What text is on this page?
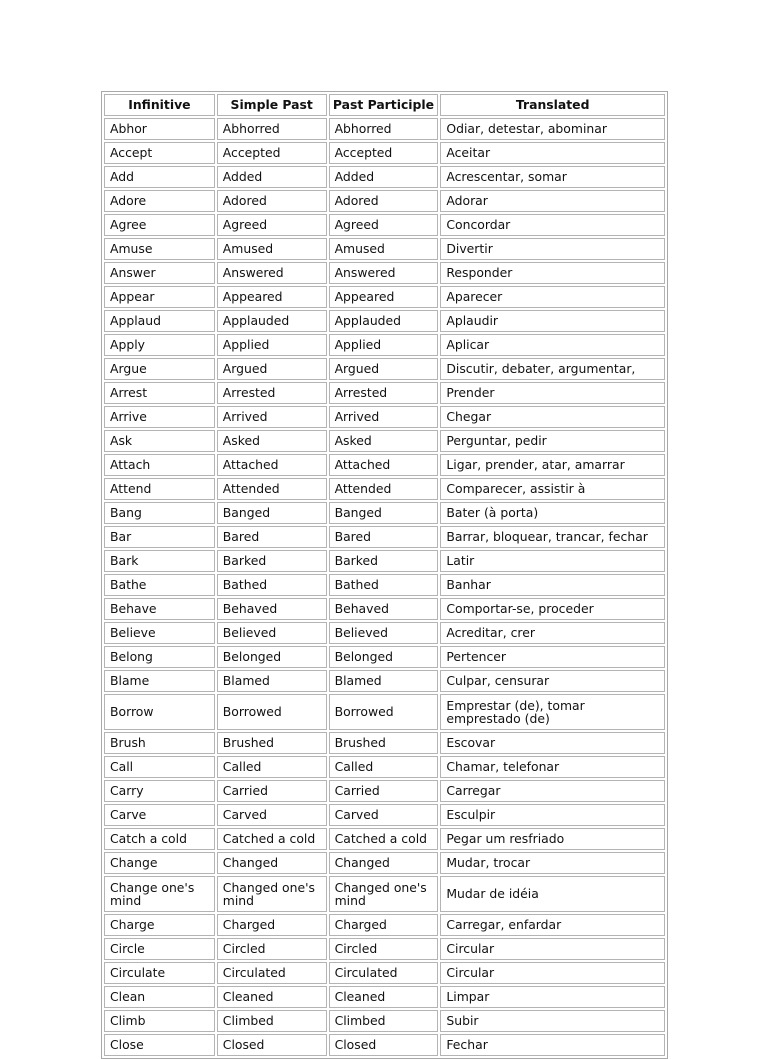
Infinitive	Simple Past	Past Participle	Translated
Abhor	Abhorred	Abhorred	Odiar, detestar, abominar
Accept	Accepted	Accepted	Aceitar
Add	Added	Added	Acrescentar, somar
Adore	Adored	Adored	Adorar
Agree	Agreed	Agreed	Concordar
Amuse	Amused	Amused	Divertir
Answer	Answered	Answered	Responder
Appear	Appeared	Appeared	Aparecer
Applaud	Applauded	Applauded	Aplaudir
Apply	Applied	Applied	Aplicar
Argue	Argued	Argued	Discutir, debater, argumentar,
Arrest	Arrested	Arrested	Prender
Arrive	Arrived	Arrived	Chegar
Ask	Asked	Asked	Perguntar, pedir
Attach	Attached	Attached	Ligar, prender, atar, amarrar
Attend	Attended	Attended	Comparecer, assistir à
Bang	Banged	Banged	Bater (à porta)
Bar	Bared	Bared	Barrar, bloquear, trancar, fechar
Bark	Barked	Barked	Latir
Bathe	Bathed	Bathed	Banhar
Behave	Behaved	Behaved	Comportar-se, proceder
Believe	Believed	Believed	Acreditar, crer
Belong	Belonged	Belonged	Pertencer
Blame	Blamed	Blamed	Culpar, censurar
Borrow	Borrowed	Borrowed	Emprestar (de), tomar emprestado (de)
Brush	Brushed	Brushed	Escovar
Call	Called	Called	Chamar, telefonar
Carry	Carried	Carried	Carregar
Carve	Carved	Carved	Esculpir
Catch a cold	Catched a cold	Catched a cold	Pegar um resfriado
Change	Changed	Changed	Mudar, trocar
Change one's mind	Changed one's mind	Changed one's mind	Mudar de idéia
Charge	Charged	Charged	Carregar, enfardar
Circle	Circled	Circled	Circular
Circulate	Circulated	Circulated	Circular
Clean	Cleaned	Cleaned	Limpar
Climb	Climbed	Climbed	Subir
Close	Closed	Closed	Fechar
